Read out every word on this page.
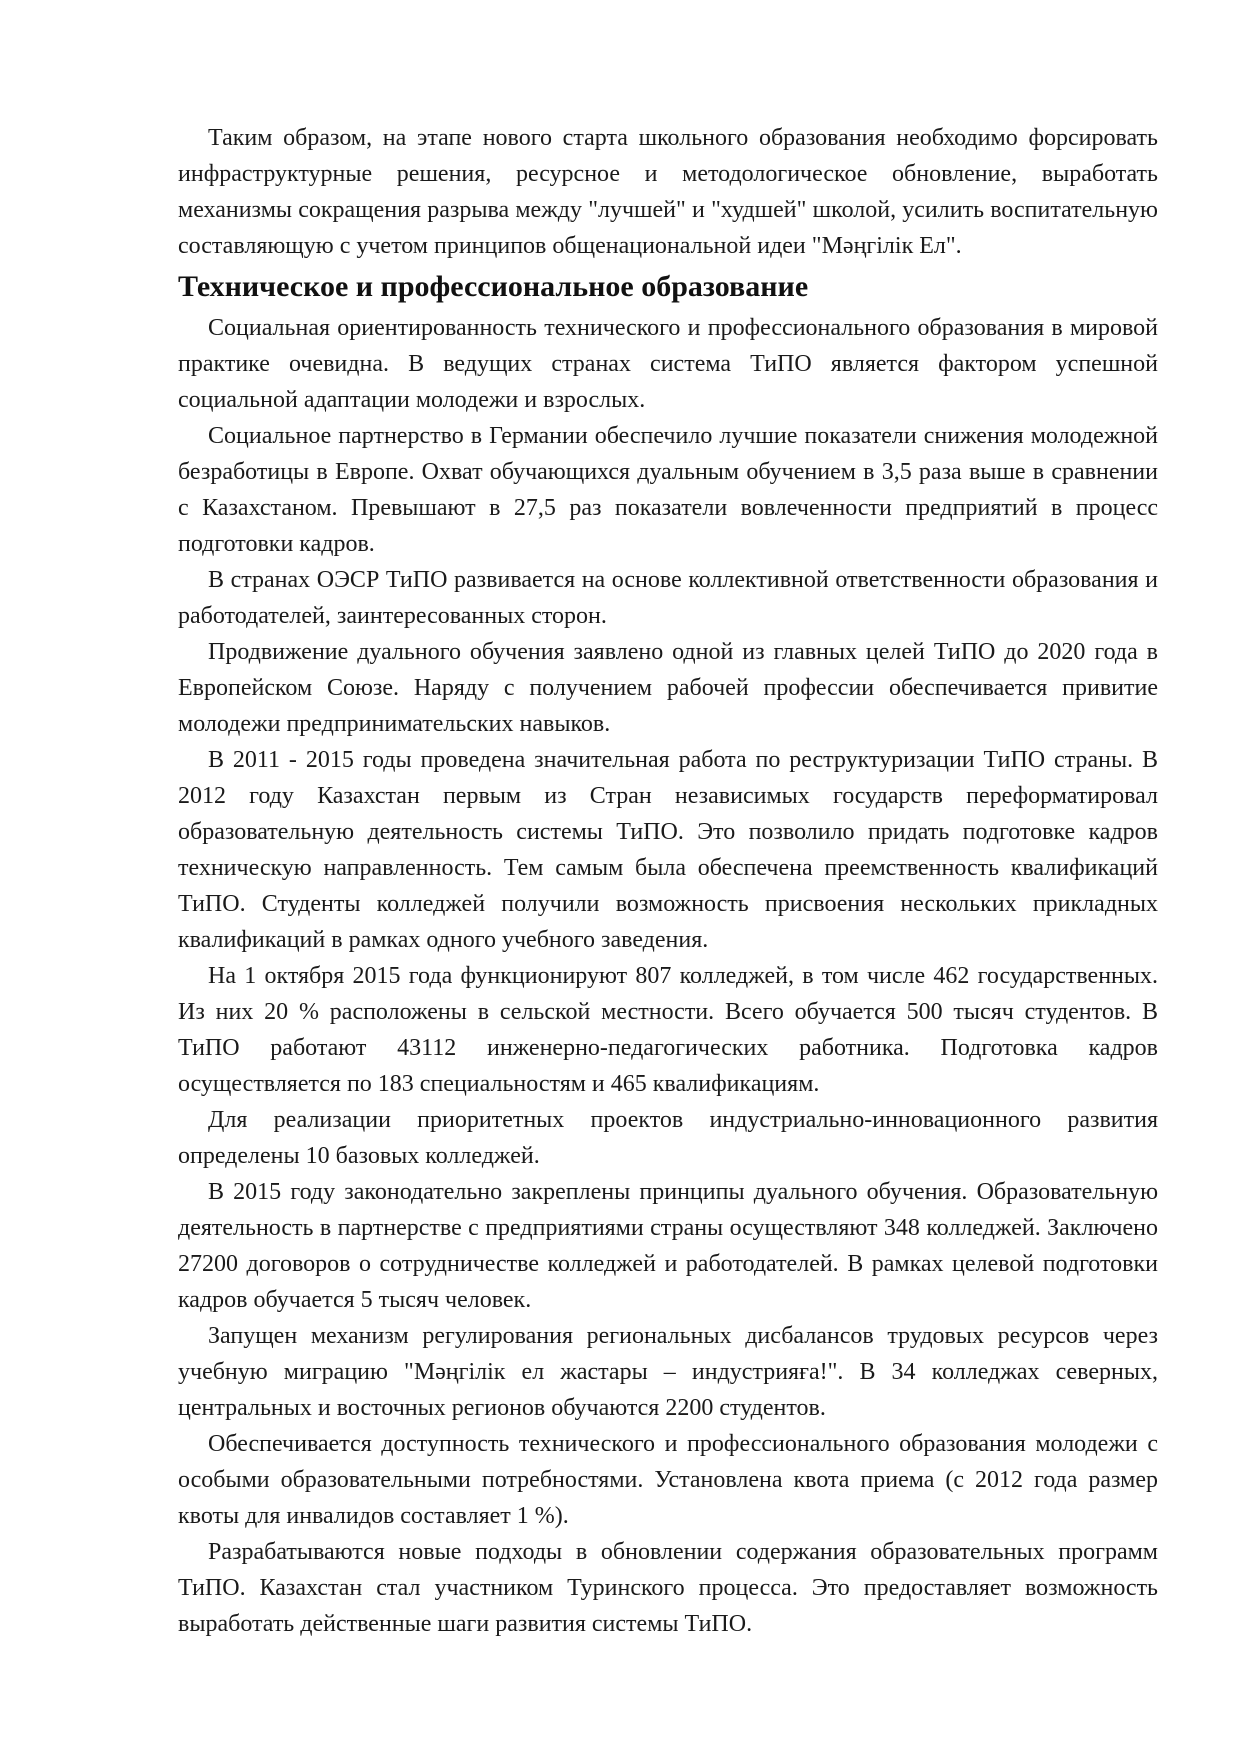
Таким образом, на этапе нового старта школьного образования необходимо форсировать инфраструктурные решения, ресурсное и методологическое обновление, выработать механизмы сокращения разрыва между "лучшей" и "худшей" школой, усилить воспитательную составляющую с учетом принципов общенациональной идеи "Мәңгілік Ел".

Техническое и профессиональное образование

Социальная ориентированность технического и профессионального образования в мировой практике очевидна. В ведущих странах система ТиПО является фактором успешной социальной адаптации молодежи и взрослых.

Социальное партнерство в Германии обеспечило лучшие показатели снижения молодежной безработицы в Европе. Охват обучающихся дуальным обучением в 3,5 раза выше в сравнении с Казахстаном. Превышают в 27,5 раз показатели вовлеченности предприятий в процесс подготовки кадров.

В странах ОЭСР ТиПО развивается на основе коллективной ответственности образования и работодателей, заинтересованных сторон.

Продвижение дуального обучения заявлено одной из главных целей ТиПО до 2020 года в Европейском Союзе. Наряду с получением рабочей профессии обеспечивается привитие молодежи предпринимательских навыков.

В 2011 - 2015 годы проведена значительная работа по реструктуризации ТиПО страны. В 2012 году Казахстан первым из Стран независимых государств переформатировал образовательную деятельность системы ТиПО. Это позволило придать подготовке кадров техническую направленность. Тем самым была обеспечена преемственность квалификаций ТиПО. Студенты колледжей получили возможность присвоения нескольких прикладных квалификаций в рамках одного учебного заведения.

На 1 октября 2015 года функционируют 807 колледжей, в том числе 462 государственных. Из них 20 % расположены в сельской местности. Всего обучается 500 тысяч студентов. В ТиПО работают 43112 инженерно-педагогических работника. Подготовка кадров осуществляется по 183 специальностям и 465 квалификациям.

Для реализации приоритетных проектов индустриально-инновационного развития определены 10 базовых колледжей.

В 2015 году законодательно закреплены принципы дуального обучения. Образовательную деятельность в партнерстве с предприятиями страны осуществляют 348 колледжей. Заключено 27200 договоров о сотрудничестве колледжей и работодателей. В рамках целевой подготовки кадров обучается 5 тысяч человек.

Запущен механизм регулирования региональных дисбалансов трудовых ресурсов через учебную миграцию "Мәңгілік ел жастары – индустрияға!". В 34 колледжах северных, центральных и восточных регионов обучаются 2200 студентов.

Обеспечивается доступность технического и профессионального образования молодежи с особыми образовательными потребностями. Установлена квота приема (с 2012 года размер квоты для инвалидов составляет 1 %).

Разрабатываются новые подходы в обновлении содержания образовательных программ ТиПО. Казахстан стал участником Туринского процесса. Это предоставляет возможность выработать действенные шаги развития системы ТиПО.
